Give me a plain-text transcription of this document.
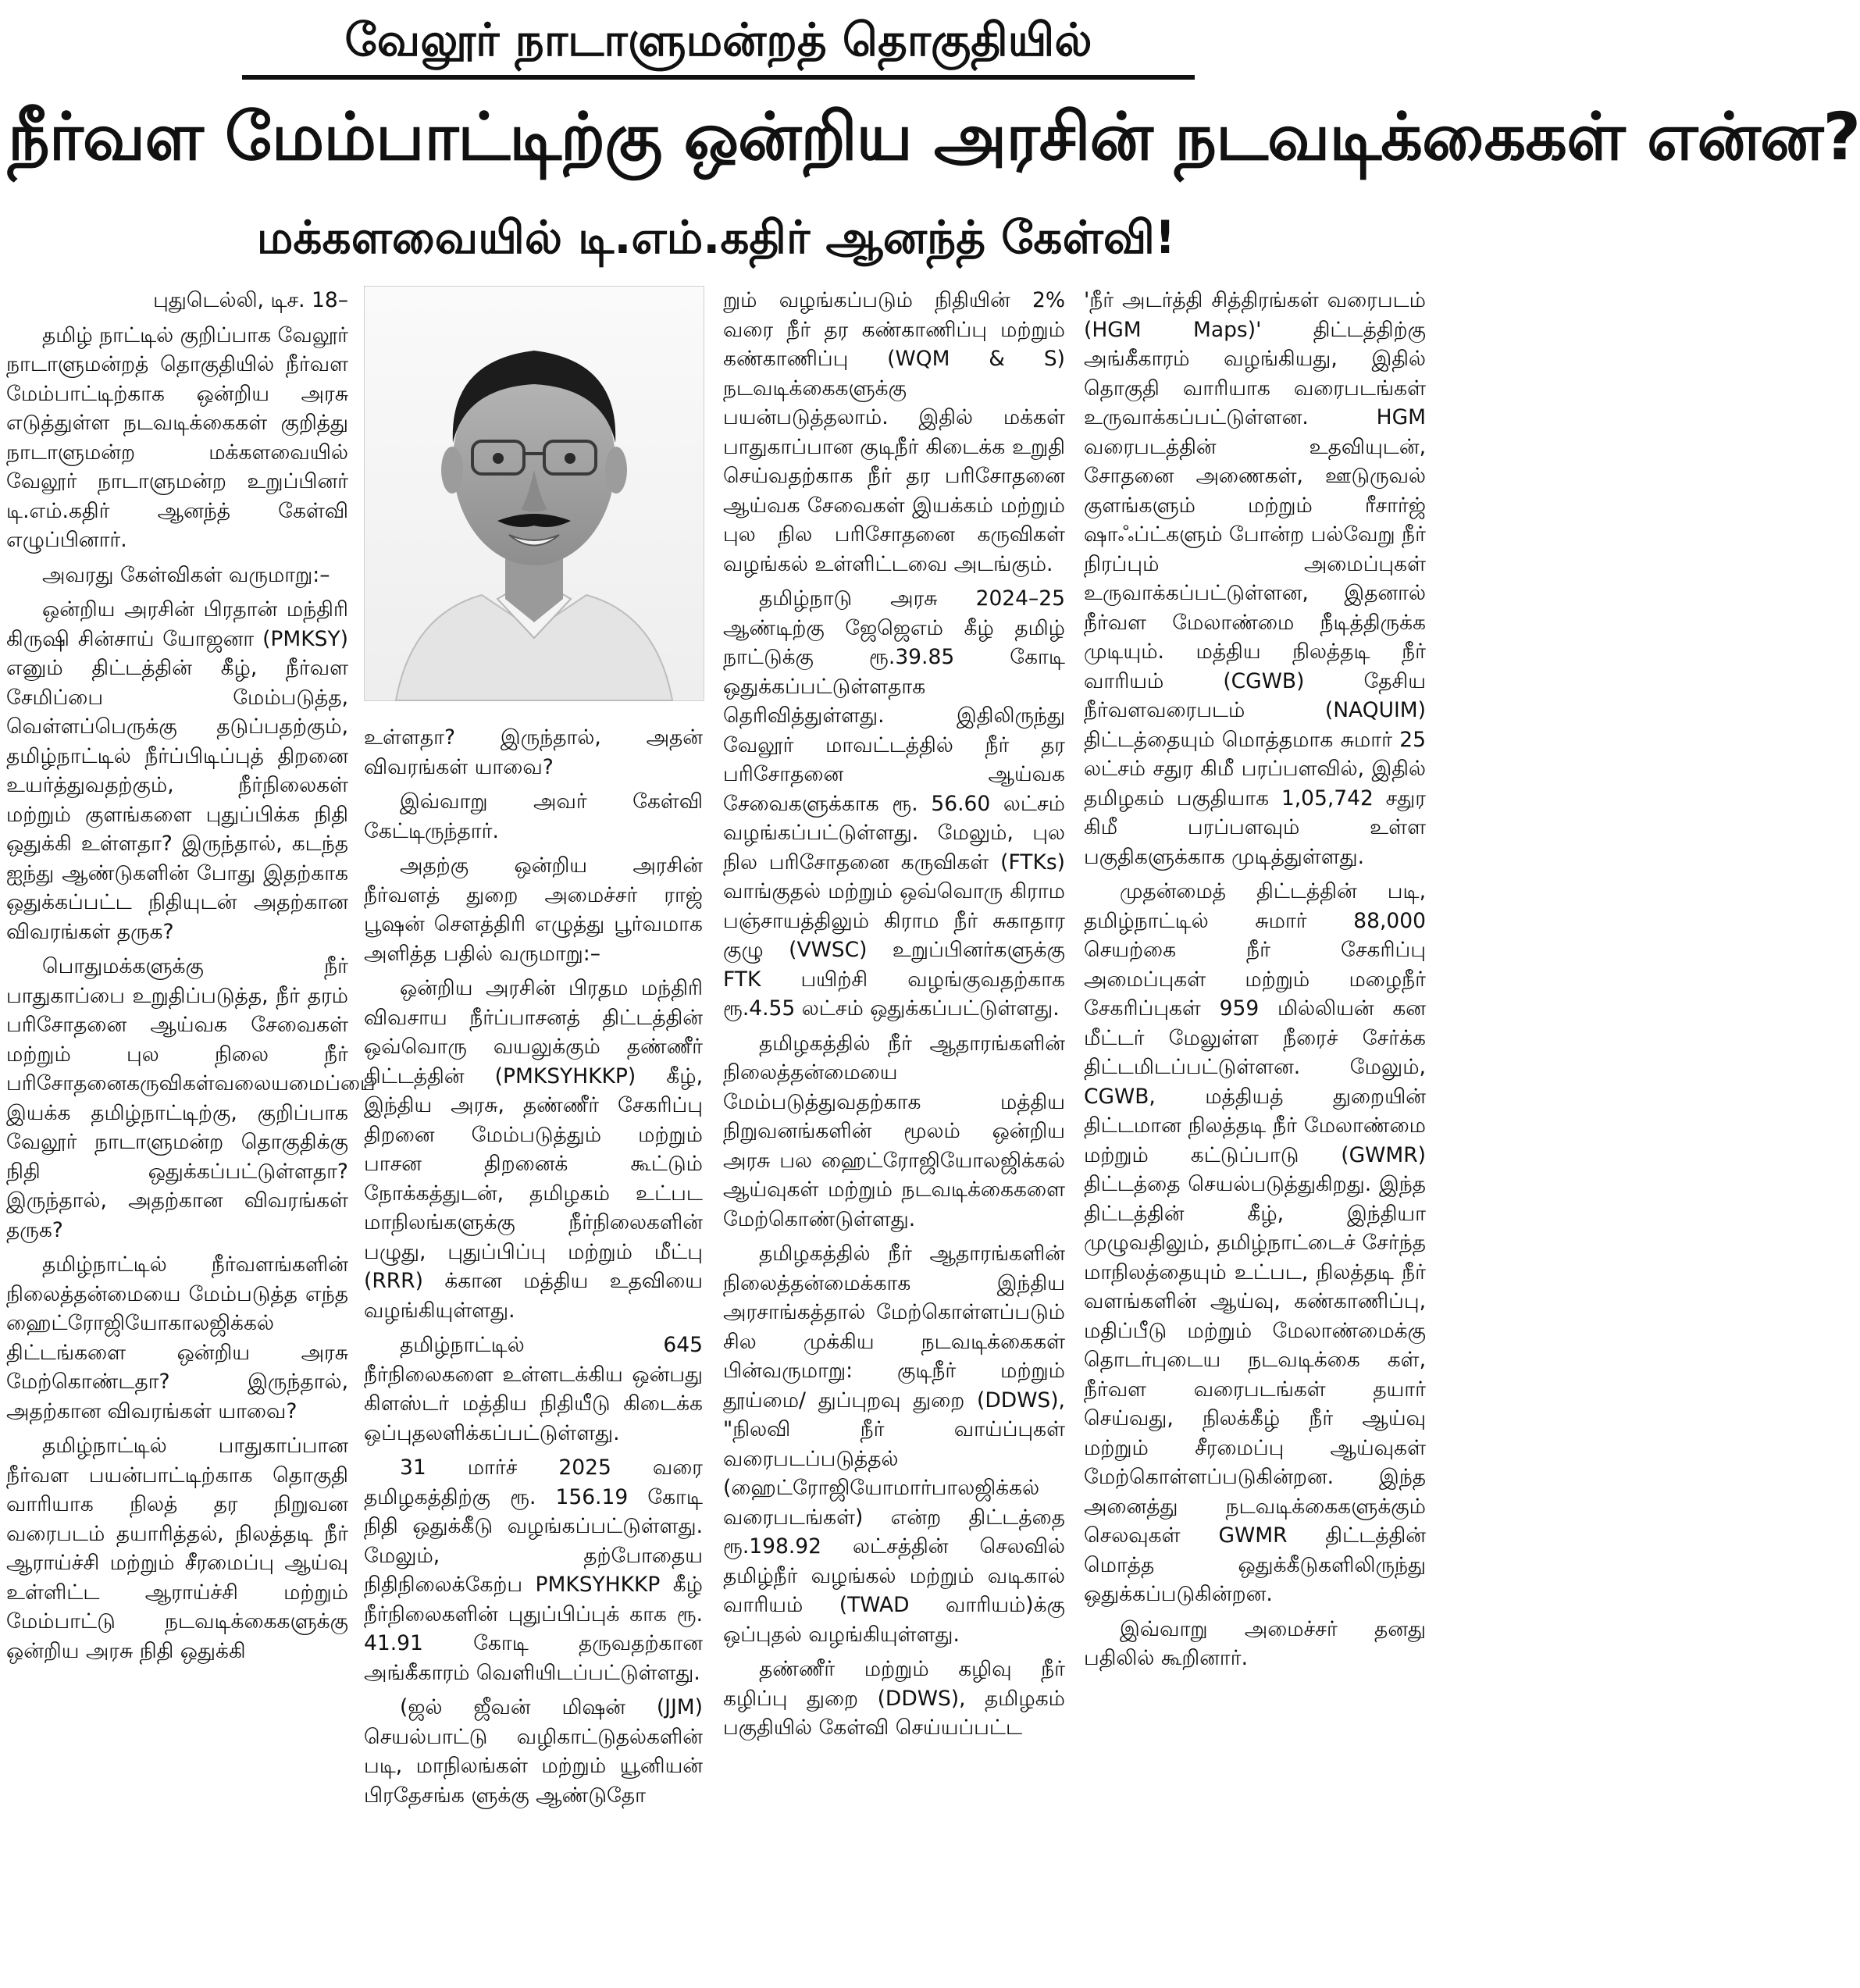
வேலூர் நாடாளுமன்றத் தொகுதியில்
நீர்வள மேம்பாட்டிற்கு ஒன்றிய அரசின் நடவடிக்கைகள் என்ன?
மக்களவையில் டி.எம்.கதிர் ஆனந்த் கேள்வி!

புதுடெல்லி, டிச. 18–

தமிழ் நாட்டில் குறிப்பாக வேலூர் நாடாளுமன்றத் தொகுதியில் நீர்வள மேம்பாட்டிற்காக ஒன்றிய அரசு எடுத்துள்ள நடவடிக்கைகள் குறித்து நாடாளுமன்ற மக்களவையில் வேலூர் நாடாளுமன்ற உறுப்பினர் டி.எம்.கதிர் ஆனந்த் கேள்வி எழுப்பினார்.

அவரது கேள்விகள் வருமாறு:–

ஒன்றிய அரசின் பிரதான் மந்திரி கிருஷி சின்சாய் யோஜனா (PMKSY) எனும் திட்டத்தின் கீழ், நீர்வள சேமிப்பை மேம்படுத்த, வெள்ளப்பெருக்கு தடுப்பதற்கும், தமிழ்நாட்டில் நீர்ப்பிடிப்புத் திறனை உயர்த்துவதற்கும், நீர்நிலைகள் மற்றும் குளங்களை புதுப்பிக்க நிதி ஒதுக்கி உள்ளதா? இருந்தால், கடந்த ஐந்து ஆண்டுகளின் போது இதற்காக ஒதுக்கப்பட்ட நிதியுடன் அதற்கான விவரங்கள் தருக?

பொதுமக்களுக்கு நீர் பாதுகாப்பை உறுதிப்படுத்த, நீர் தரம் பரிசோதனை ஆய்வக சேவைகள் மற்றும் புல நிலை நீர் பரிசோதனைகருவிகள்வலையமைப்பை இயக்க தமிழ்நாட்டிற்கு, குறிப்பாக வேலூர் நாடாளுமன்ற தொகுதிக்கு நிதி ஒதுக்கப்பட்டுள்ளதா? இருந்தால், அதற்கான விவரங்கள் தருக?

தமிழ்நாட்டில் நீர்வளங்களின் நிலைத்தன்மையை மேம்படுத்த எந்த ஹைட்ரோஜியோகாலஜிக்கல் திட்டங்களை ஒன்றிய அரசு மேற்கொண்டதா? இருந்தால், அதற்கான விவரங்கள் யாவை?

தமிழ்நாட்டில் பாதுகாப்பான நீர்வள பயன்பாட்டிற்காக தொகுதி வாரியாக நிலத் தர நிறுவன வரைபடம் தயாரித்தல், நிலத்தடி நீர் ஆராய்ச்சி மற்றும் சீரமைப்பு ஆய்வு உள்ளிட்ட ஆராய்ச்சி மற்றும் மேம்பாட்டு நடவடிக்கைகளுக்கு ஒன்றிய அரசு நிதி ஒதுக்கி

உள்ளதா? இருந்தால், அதன் விவரங்கள் யாவை?

இவ்வாறு அவர் கேள்வி கேட்டிருந்தார்.

அதற்கு ஒன்றிய அரசின் நீர்வளத் துறை அமைச்சர் ராஜ் பூஷன் சௌத்திரி எழுத்து பூர்வமாக அளித்த பதில் வருமாறு:–

ஒன்றிய அரசின் பிரதம மந்திரி விவசாய நீர்ப்பாசனத் திட்டத்தின் ஒவ்வொரு வயலுக்கும் தண்ணீர் திட்டத்தின் (PMKSYHKKP) கீழ், இந்திய அரசு, தண்ணீர் சேகரிப்பு திறனை மேம்படுத்தும் மற்றும் பாசன திறனைக் கூட்டும் நோக்கத்துடன், தமிழகம் உட்பட மாநிலங்களுக்கு நீர்நிலைகளின் பழுது, புதுப்பிப்பு மற்றும் மீட்பு (RRR) க்கான மத்திய உதவியை வழங்கியுள்ளது.

தமிழ்நாட்டில் 645 நீர்நிலைகளை உள்ளடக்கிய ஒன்பது கிளஸ்டர் மத்திய நிதியீடு கிடைக்க ஒப்புதலளிக்கப்பட்டுள்ளது.

31 மார்ச் 2025 வரை தமிழகத்திற்கு ரூ. 156.19 கோடி நிதி ஒதுக்கீடு வழங்கப்பட்டுள்ளது. மேலும், தற்போதைய நிதிநிலைக்கேற்ப PMKSYHKKP கீழ் நீர்நிலைகளின் புதுப்பிப்புக் காக ரூ. 41.91 கோடி தருவதற்கான அங்கீகாரம் வெளியிடப்பட்டுள்ளது.

(ஜல் ஜீவன் மிஷன் (JJM) செயல்பாட்டு வழிகாட்டுதல்களின் படி, மாநிலங்கள் மற்றும் யூனியன் பிரதேசங்க ளுக்கு ஆண்டுதோ

றும் வழங்கப்படும் நிதியின் 2% வரை நீர் தர கண்காணிப்பு மற்றும் கண்காணிப்பு (WQM & S) நடவடிக்கைகளுக்கு பயன்படுத்தலாம். இதில் மக்கள் பாதுகாப்பான குடிநீர் கிடைக்க உறுதி செய்வதற்காக நீர் தர பரிசோதனை ஆய்வக சேவைகள் இயக்கம் மற்றும் புல நில பரிசோதனை கருவிகள் வழங்கல் உள்ளிட்டவை அடங்கும்.

தமிழ்நாடு அரசு 2024–25 ஆண்டிற்கு ஜேஜெஎம் கீழ் தமிழ் நாட்டுக்கு ரூ.39.85 கோடி ஒதுக்கப்பட்டுள்ளதாக தெரிவித்துள்ளது. இதிலிருந்து வேலூர் மாவட்டத்தில் நீர் தர பரிசோதனை ஆய்வக சேவைகளுக்காக ரூ. 56.60 லட்சம் வழங்கப்பட்டுள்ளது. மேலும், புல நில பரிசோதனை கருவிகள் (FTKs) வாங்குதல் மற்றும் ஒவ்வொரு கிராம பஞ்சாயத்திலும் கிராம நீர் சுகாதார குழு (VWSC) உறுப்பினர்களுக்கு FTK பயிற்சி வழங்குவதற்காக ரூ.4.55 லட்சம் ஒதுக்கப்பட்டுள்ளது.

தமிழகத்தில் நீர் ஆதாரங்களின் நிலைத்தன்மையை மேம்படுத்துவதற்காக மத்திய நிறுவனங்களின் மூலம் ஒன்றிய அரசு பல ஹைட்ரோஜியோலஜிக்கல் ஆய்வுகள் மற்றும் நடவடிக்கைகளை மேற்கொண்டுள்ளது.

தமிழகத்தில் நீர் ஆதாரங்களின் நிலைத்தன்மைக்காக இந்திய அரசாங்கத்தால் மேற்கொள்ளப்படும் சில முக்கிய நடவடிக்கைகள் பின்வருமாறு: குடிநீர் மற்றும் தூய்மை/ துப்புறவு துறை (DDWS), "நிலவி நீர் வாய்ப்புகள் வரைபடப்படுத்தல் (ஹைட்ரோஜியோமார்பாலஜிக்கல் வரைபடங்கள்) என்ற திட்டத்தை ரூ.198.92 லட்சத்தின் செலவில் தமிழ்நீர் வழங்கல் மற்றும் வடிகால் வாரியம் (TWAD வாரியம்)க்கு ஒப்புதல் வழங்கியுள்ளது.

தண்ணீர் மற்றும் கழிவு நீர் கழிப்பு துறை (DDWS), தமிழகம் பகுதியில் கேள்வி செய்யப்பட்ட

'நீர் அடர்த்தி சித்திரங்கள் வரைபடம் (HGM Maps)' திட்டத்திற்கு அங்கீகாரம் வழங்கியது, இதில் தொகுதி வாரியாக வரைபடங்கள் உருவாக்கப்பட்டுள்ளன. HGM வரைபடத்தின் உதவியுடன், சோதனை அணைகள், ஊடுருவல் குளங்களும் மற்றும் ரீசார்ஜ் ஷாஃப்ட்களும் போன்ற பல்வேறு நீர் நிரப்பும் அமைப்புகள் உருவாக்கப்பட்டுள்ளன, இதனால் நீர்வள மேலாண்மை நீடித்திருக்க முடியும். மத்திய நிலத்தடி நீர் வாரியம் (CGWB) தேசிய நீர்வளவரைபடம் (NAQUIM) திட்டத்தையும் மொத்தமாக சுமார் 25 லட்சம் சதுர கிமீ பரப்பளவில், இதில் தமிழகம் பகுதியாக 1,05,742 சதுர கிமீ பரப்பளவும் உள்ள பகுதிகளுக்காக முடித்துள்ளது.

முதன்மைத் திட்டத்தின் படி, தமிழ்நாட்டில் சுமார் 88,000 செயற்கை நீர் சேகரிப்பு அமைப்புகள் மற்றும் மழைநீர் சேகரிப்புகள் 959 மில்லியன் கன மீட்டர் மேலுள்ள நீரைச் சேர்க்க திட்டமிடப்பட்டுள்ளன. மேலும், CGWB, மத்தியத் துறையின் திட்டமான நிலத்தடி நீர் மேலாண்மை மற்றும் கட்டுப்பாடு (GWMR) திட்டத்தை செயல்படுத்துகிறது. இந்த திட்டத்தின் கீழ், இந்தியா முழுவதிலும், தமிழ்நாட்டைச் சேர்ந்த மாநிலத்தையும் உட்பட, நிலத்தடி நீர் வளங்களின் ஆய்வு, கண்காணிப்பு, மதிப்பீடு மற்றும் மேலாண்மைக்கு தொடர்புடைய நடவடிக்கை கள், நீர்வள வரைபடங்கள் தயார் செய்வது, நிலக்கீழ் நீர் ஆய்வு மற்றும் சீரமைப்பு ஆய்வுகள் மேற்கொள்ளப்படுகின்றன. இந்த அனைத்து நடவடிக்கைகளுக்கும் செலவுகள் GWMR திட்டத்தின் மொத்த ஒதுக்கீடுகளிலிருந்து ஒதுக்கப்படுகின்றன.

இவ்வாறு அமைச்சர் தனது பதிலில் கூறினார்.
